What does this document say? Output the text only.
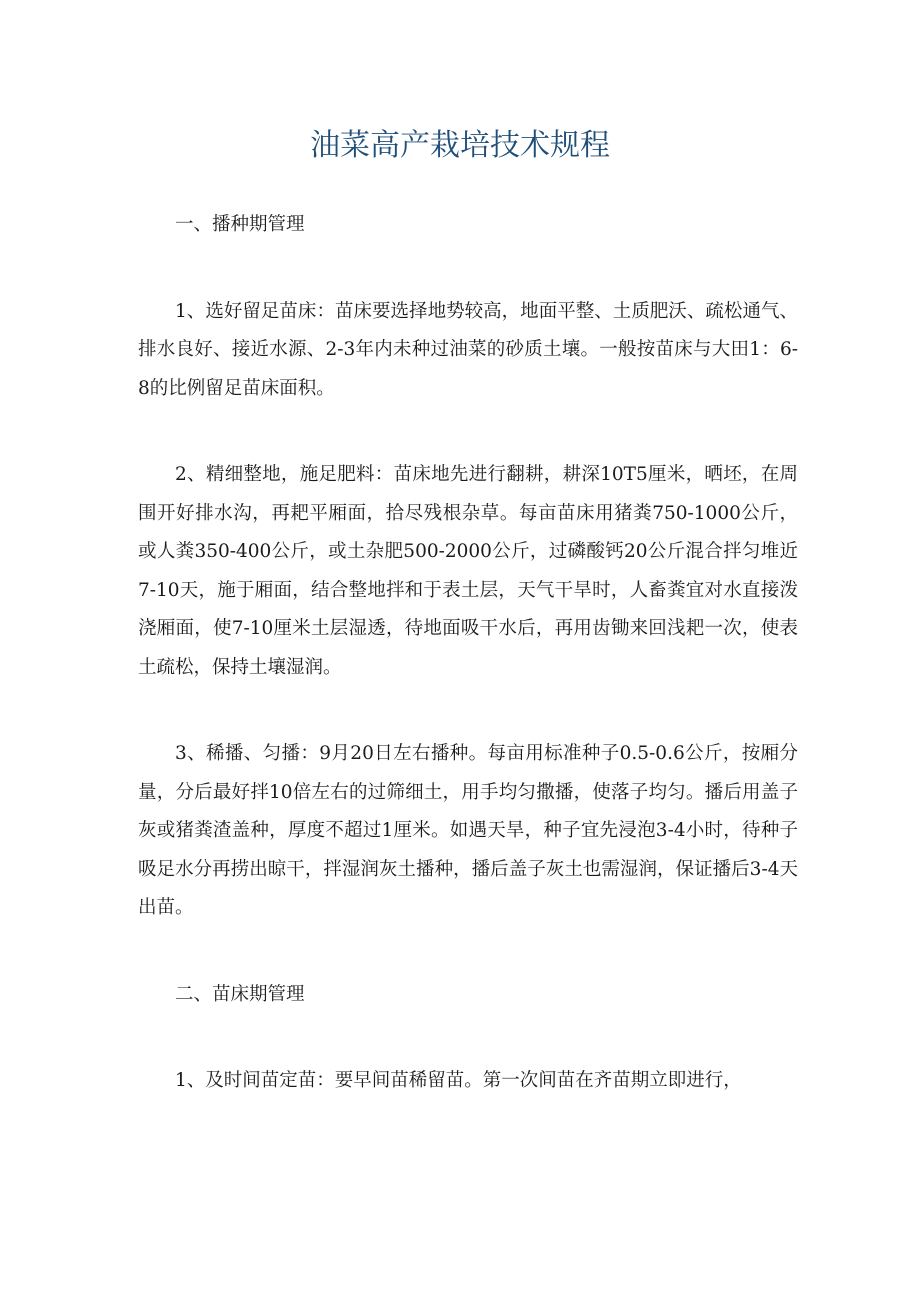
油菜高产栽培技术规程

一、播种期管理

1、选好留足苗床：苗床要选择地势较高，地面平整、土质肥沃、疏松通气、排水良好、接近水源、2-3年内未种过油菜的砂质土壤。一般按苗床与大田1：6-8的比例留足苗床面积。

2、精细整地，施足肥料：苗床地先进行翻耕，耕深10T5厘米，晒坯，在周围开好排水沟，再耙平厢面，拾尽残根杂草。每亩苗床用猪粪750-1000公斤，或人粪350-400公斤，或土杂肥500-2000公斤，过磷酸钙20公斤混合拌匀堆近7-10天，施于厢面，结合整地拌和于表土层，天气干旱时，人畜粪宜对水直接泼浇厢面，使7-10厘米土层湿透，待地面吸干水后，再用齿锄来回浅耙一次，使表土疏松，保持土壤湿润。

3、稀播、匀播：9月20日左右播种。每亩用标准种子0.5-0.6公斤，按厢分量，分后最好拌10倍左右的过筛细土，用手均匀撒播，使落子均匀。播后用盖子灰或猪粪渣盖种，厚度不超过1厘米。如遇天旱，种子宜先浸泡3-4小时，待种子吸足水分再捞出晾干，拌湿润灰土播种，播后盖子灰土也需湿润，保证播后3-4天出苗。

二、苗床期管理

1、及时间苗定苗：要早间苗稀留苗。第一次间苗在齐苗期立即进行，
